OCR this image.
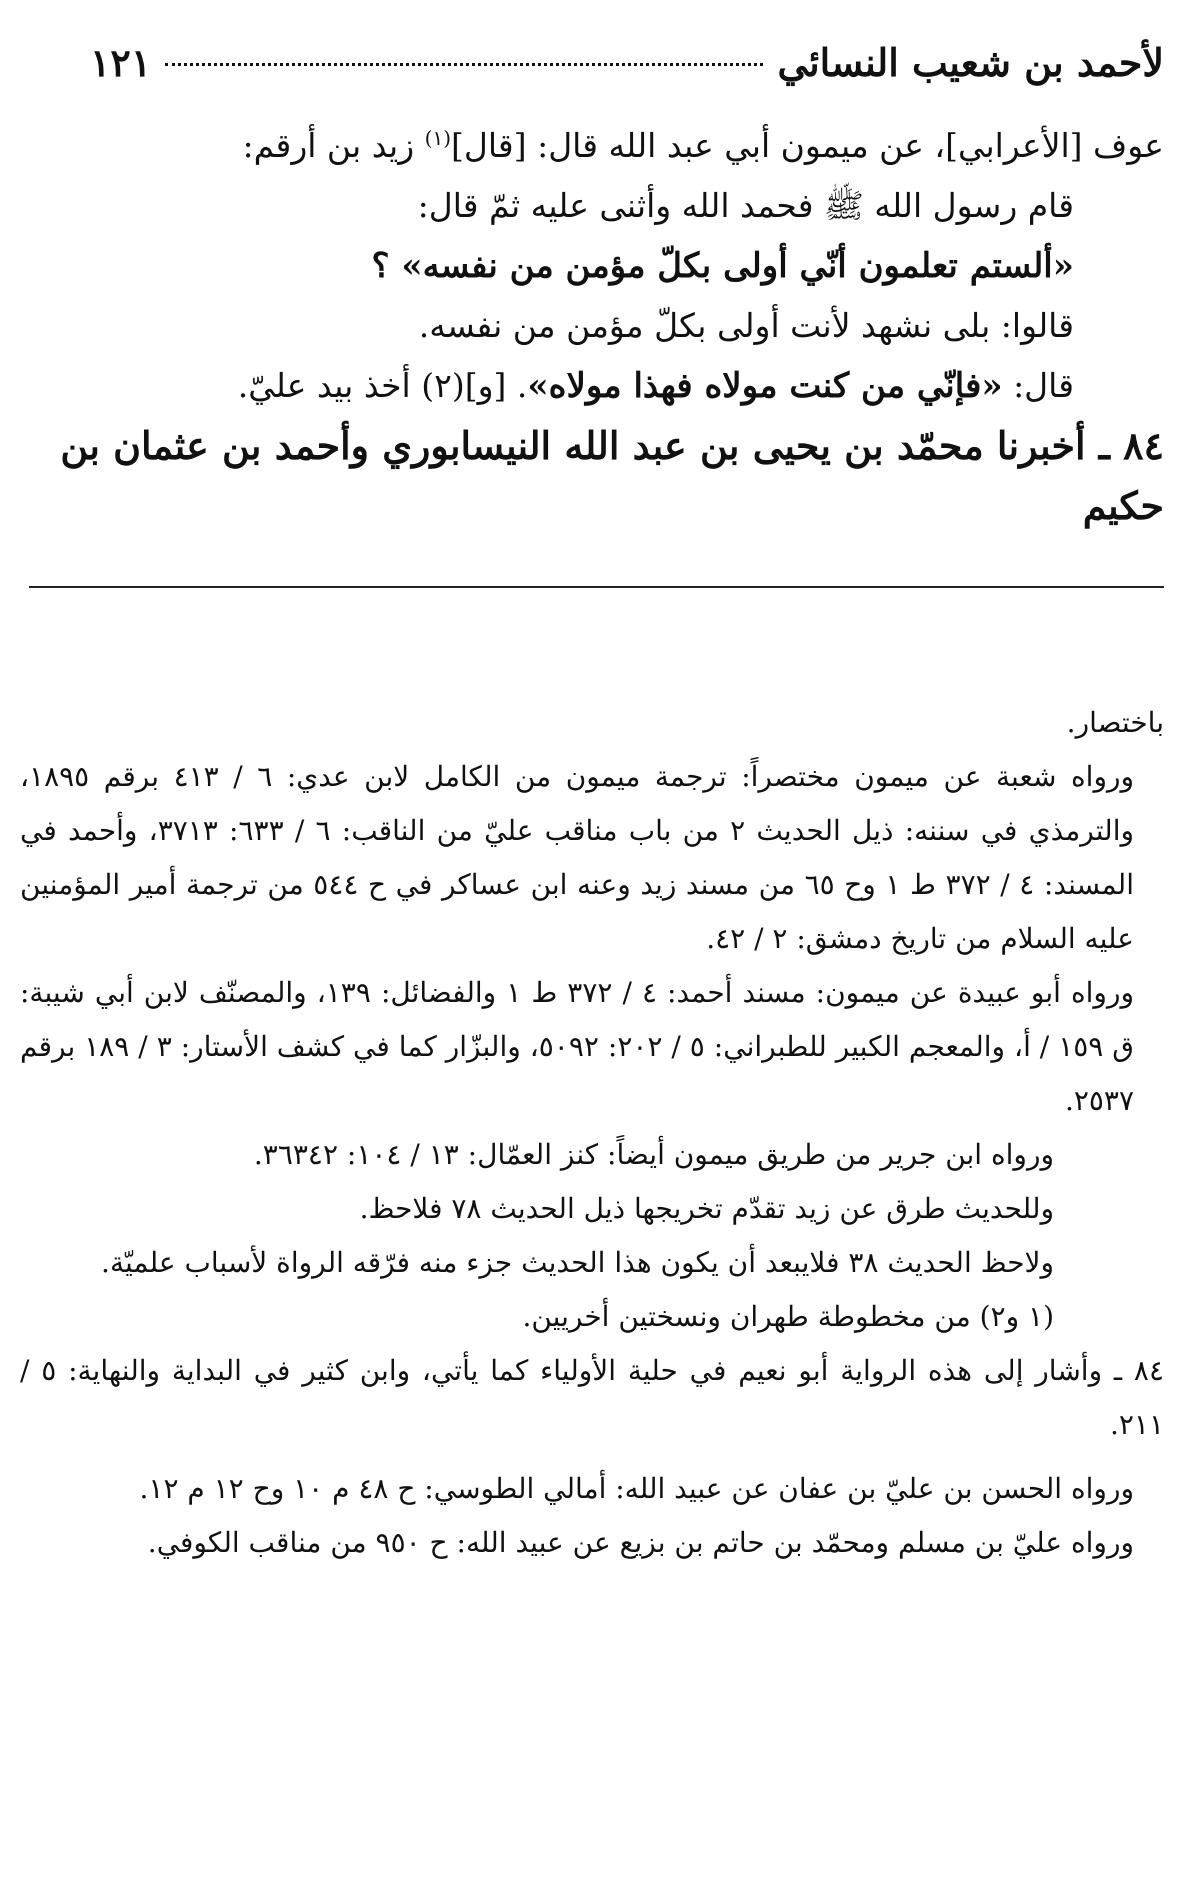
لأحمد بن شعيب النسائي
١٢١

عوف [الأعرابي]، عن ميمون أبي عبد الله قال: [قال]$^{(١)}$ زيد بن أرقم:

قام رسول الله ﷺ فحمد الله وأثنى عليه ثمّ قال:

«ألستم تعلمون أنّي أولى بكلّ مؤمن من نفسه» ؟

قالوا: بلى نشهد لأنت أولى بكلّ مؤمن من نفسه.

قال: «فإنّي من كنت مولاه فهذا مولاه». [و](٢) أخذ بيد عليّ.

٨٤ ـ أخبرنا محمّد بن يحيى بن عبد الله النيسابوري وأحمد بن عثمان بن حكيم

باختصار.

ورواه شعبة عن ميمون مختصراً: ترجمة ميمون من الكامل لابن عدي: ٦ / ٤١٣ برقم ١٨٩٥، والترمذي في سننه: ذيل الحديث ٢ من باب مناقب عليّ من الناقب: ٦ / ٦٣٣: ٣٧١٣، وأحمد في المسند: ٤ / ٣٧٢ ط ١ وح ٦٥ من مسند زيد وعنه ابن عساكر في ح ٥٤٤ من ترجمة أمير المؤمنين عليه السلام من تاريخ دمشق: ٢ / ٤٢.

ورواه أبو عبيدة عن ميمون: مسند أحمد: ٤ / ٣٧٢ ط ١ والفضائل: ١٣٩، والمصنّف لابن أبي شيبة: ق ١٥٩ / أ، والمعجم الكبير للطبراني: ٥ / ٢٠٢: ٥٠٩٢، والبزّار كما في كشف الأستار: ٣ / ١٨٩ برقم ٢٥٣٧.

ورواه ابن جرير من طريق ميمون أيضاً: كنز العمّال: ١٣ / ١٠٤: ٣٦٣٤٢.

وللحديث طرق عن زيد تقدّم تخريجها ذيل الحديث ٧٨ فلاحظ.

ولاحظ الحديث ٣٨ فلايبعد أن يكون هذا الحديث جزء منه فرّقه الرواة لأسباب علميّة.

(١ و٢) من مخطوطة طهران ونسختين أخريين.

٨٤ ـ وأشار إلى هذه الرواية أبو نعيم في حلية الأولياء كما يأتي، وابن كثير في البداية والنهاية: ٥ / ٢١١.

ورواه الحسن بن عليّ بن عفان عن عبيد الله: أمالي الطوسي: ح ٤٨ م ١٠ وح ١٢ م ١٢.

ورواه عليّ بن مسلم ومحمّد بن حاتم بن بزيع عن عبيد الله: ح ٩٥٠ من مناقب الكوفي.
